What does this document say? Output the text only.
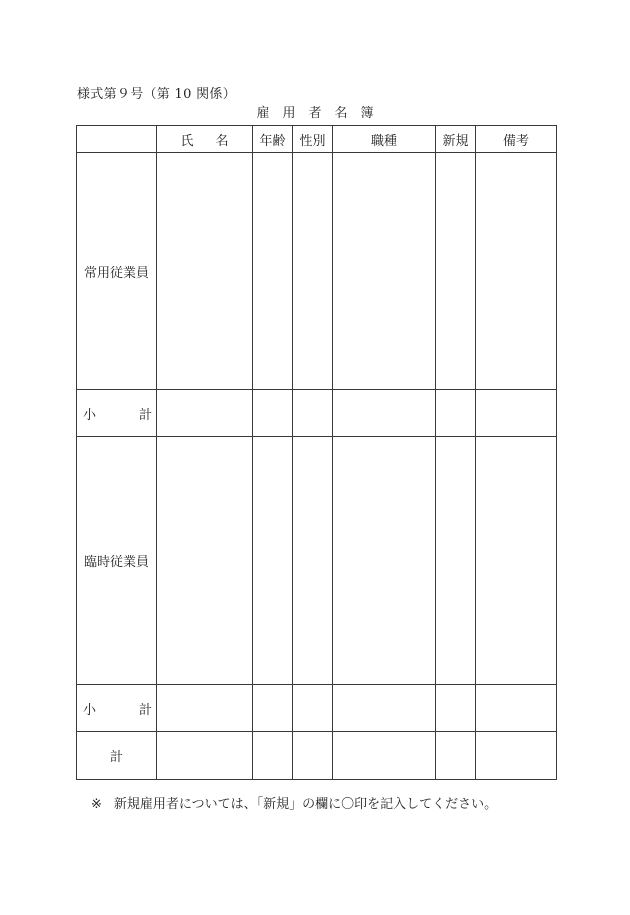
様式第９号（第 10 関係）
雇用者名簿
	氏名	年齢	性別	職種	新規	備考
常用従業員						

小計						

臨時従業員						

小計						

計						
※ 新規雇用者については、「新規」の欄に〇印を記入してください。
